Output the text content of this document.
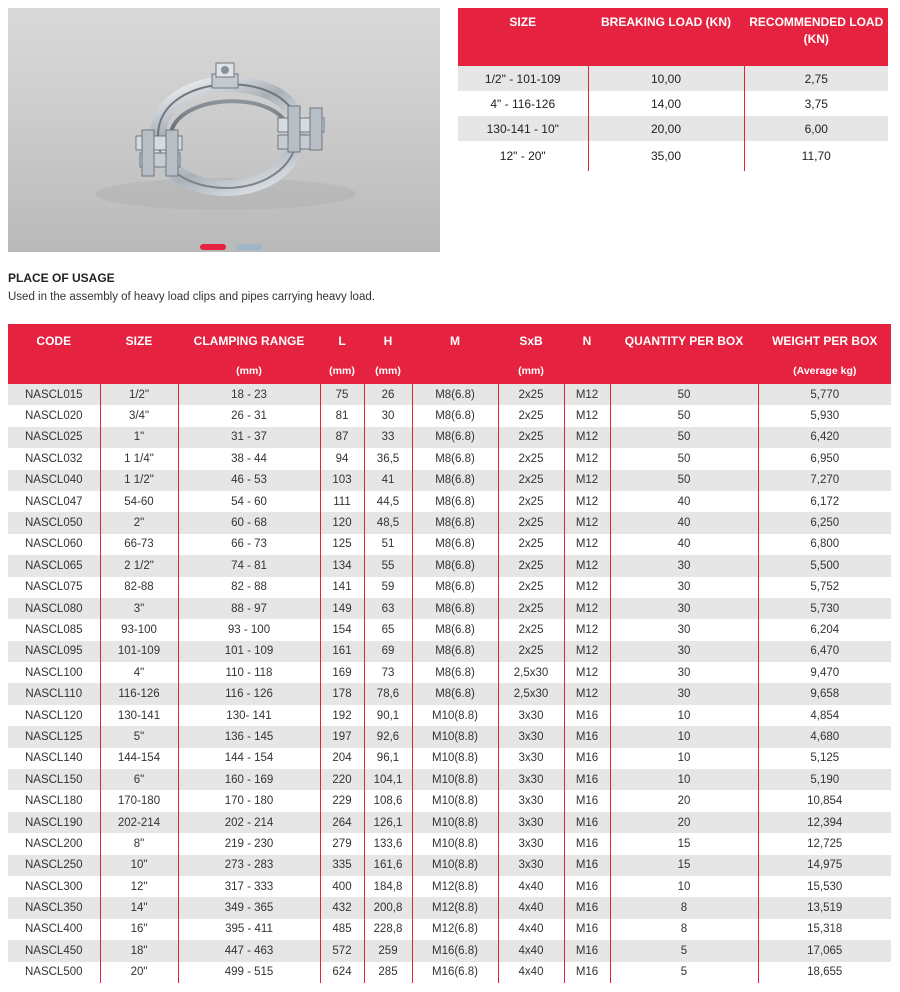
SIZE	BREAKING LOAD (KN)	RECOMMENDED LOAD (KN)
1/2" - 101-109	10,00	2,75
4" - 116-126	14,00	3,75
130-141 - 10"	20,00	6,00
12" - 20"	35,00	11,70
PLACE OF USAGE
Used in the assembly of heavy load clips and pipes carrying heavy load.
CODE	SIZE	CLAMPING RANGE	L	H	M	SxB	N	QUANTITY PER BOX	WEIGHT PER BOX
		(mm)	(mm)	(mm)		(mm)			(Average kg)
NASCL015	1/2"	18 - 23	75	26	M8(6.8)	2x25	M12	50	5,770
NASCL020	3/4"	26 - 31	81	30	M8(6.8)	2x25	M12	50	5,930
NASCL025	1"	31 - 37	87	33	M8(6.8)	2x25	M12	50	6,420
NASCL032	1 1/4"	38 - 44	94	36,5	M8(6.8)	2x25	M12	50	6,950
NASCL040	1 1/2"	46 - 53	103	41	M8(6.8)	2x25	M12	50	7,270
NASCL047	54-60	54 - 60	111	44,5	M8(6.8)	2x25	M12	40	6,172
NASCL050	2"	60 - 68	120	48,5	M8(6.8)	2x25	M12	40	6,250
NASCL060	66-73	66 - 73	125	51	M8(6.8)	2x25	M12	40	6,800
NASCL065	2 1/2"	74 - 81	134	55	M8(6.8)	2x25	M12	30	5,500
NASCL075	82-88	82 - 88	141	59	M8(6.8)	2x25	M12	30	5,752
NASCL080	3"	88 - 97	149	63	M8(6.8)	2x25	M12	30	5,730
NASCL085	93-100	93 - 100	154	65	M8(6.8)	2x25	M12	30	6,204
NASCL095	101-109	101 - 109	161	69	M8(6.8)	2x25	M12	30	6,470
NASCL100	4"	110 - 118	169	73	M8(6.8)	2,5x30	M12	30	9,470
NASCL110	116-126	116 - 126	178	78,6	M8(6.8)	2,5x30	M12	30	9,658
NASCL120	130-141	130- 141	192	90,1	M10(8.8)	3x30	M16	10	4,854
NASCL125	5"	136 - 145	197	92,6	M10(8.8)	3x30	M16	10	4,680
NASCL140	144-154	144 - 154	204	96,1	M10(8.8)	3x30	M16	10	5,125
NASCL150	6"	160 - 169	220	104,1	M10(8.8)	3x30	M16	10	5,190
NASCL180	170-180	170 - 180	229	108,6	M10(8.8)	3x30	M16	20	10,854
NASCL190	202-214	202 - 214	264	126,1	M10(8.8)	3x30	M16	20	12,394
NASCL200	8"	219 - 230	279	133,6	M10(8.8)	3x30	M16	15	12,725
NASCL250	10"	273 - 283	335	161,6	M10(8.8)	3x30	M16	15	14,975
NASCL300	12"	317 - 333	400	184,8	M12(8.8)	4x40	M16	10	15,530
NASCL350	14"	349 - 365	432	200,8	M12(8.8)	4x40	M16	8	13,519
NASCL400	16"	395 - 411	485	228,8	M12(6.8)	4x40	M16	8	15,318
NASCL450	18"	447 - 463	572	259	M16(6.8)	4x40	M16	5	17,065
NASCL500	20"	499 - 515	624	285	M16(6.8)	4x40	M16	5	18,655
